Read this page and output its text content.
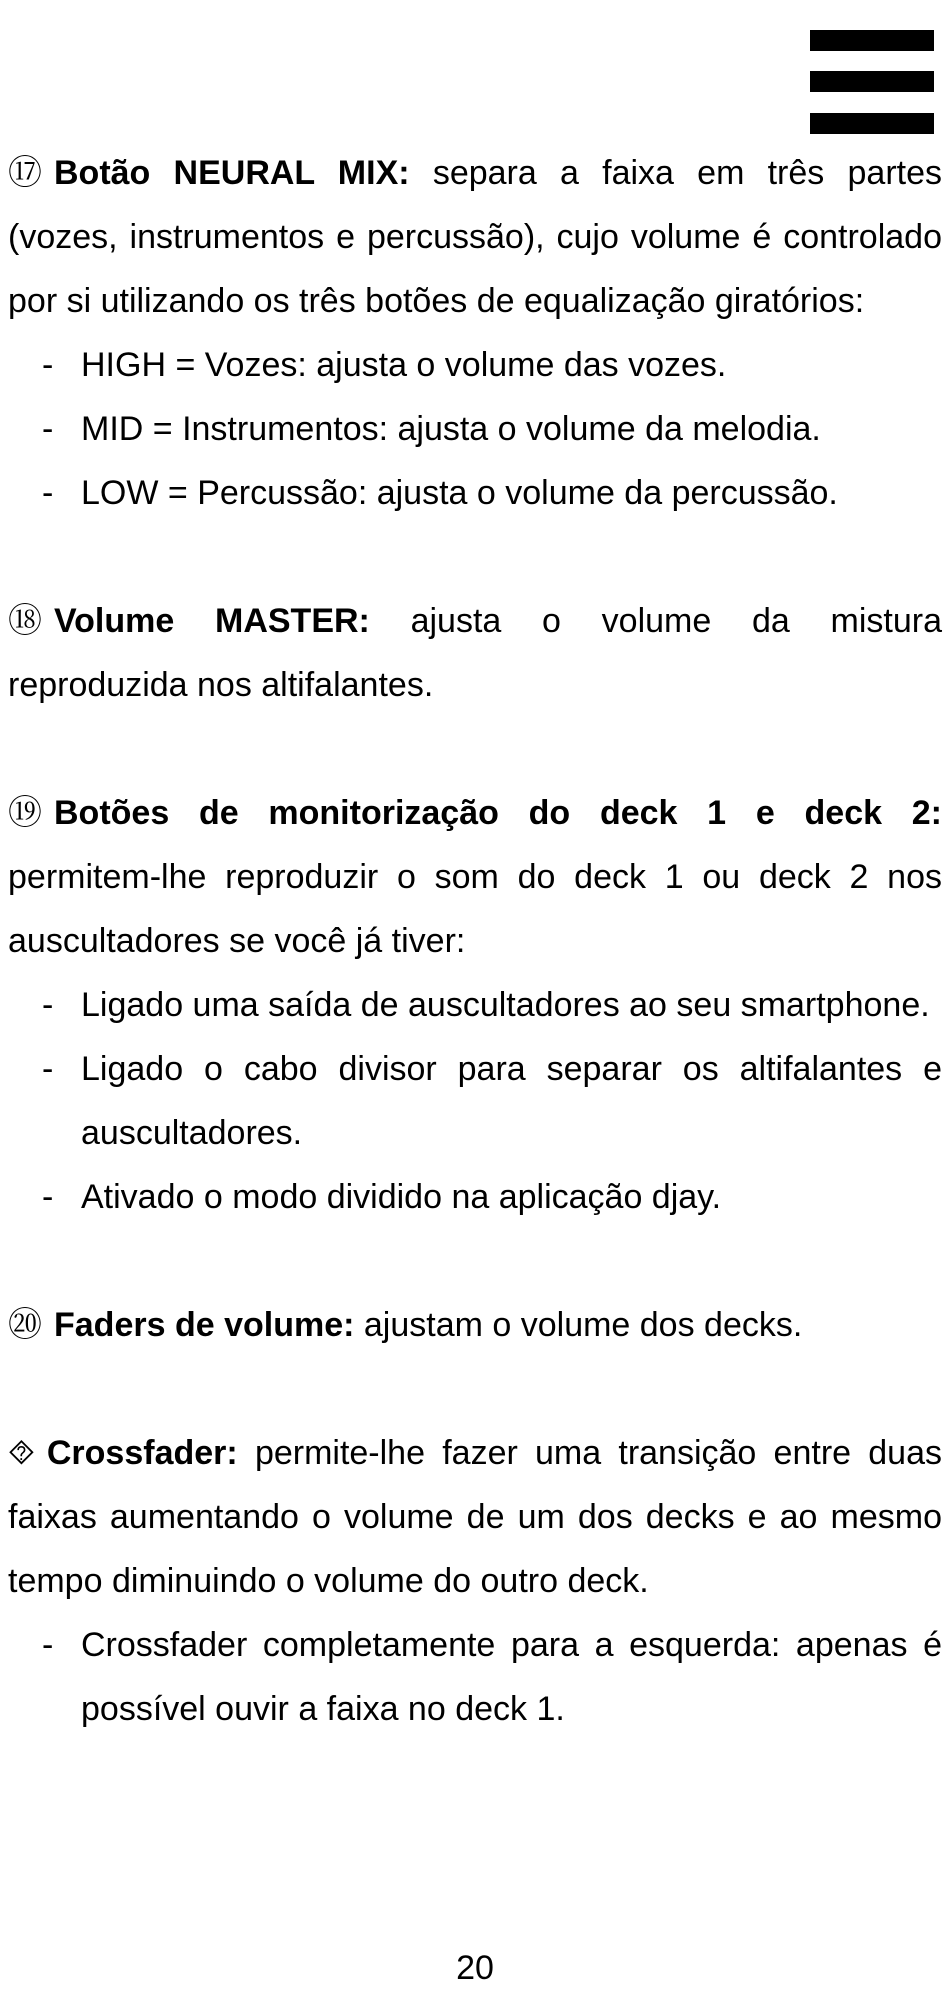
⑰ Botão NEURAL MIX: separa a faixa em três partes (vozes, instrumentos e percussão), cujo volume é controlado por si utilizando os três botões de equalização giratórios:

- HIGH = Vozes: ajusta o volume das vozes.
- MID = Instrumentos: ajusta o volume da melodia.
- LOW = Percussão: ajusta o volume da percussão.

⑱ Volume MASTER: ajusta o volume da mistura reproduzida nos altifalantes.

⑲ Botões de monitorização do deck 1 e deck 2: permitem-lhe reproduzir o som do deck 1 ou deck 2 nos auscultadores se você já tiver:

- Ligado uma saída de auscultadores ao seu smartphone.
- Ligado o cabo divisor para separar os altifalantes e auscultadores.
- Ativado o modo dividido na aplicação djay.

⑳ Faders de volume: ajustam o volume dos decks.

⯑ Crossfader: permite-lhe fazer uma transição entre duas faixas aumentando o volume de um dos decks e ao mesmo tempo diminuindo o volume do outro deck.

- Crossfader completamente para a esquerda: apenas é possível ouvir a faixa no deck 1.
20
